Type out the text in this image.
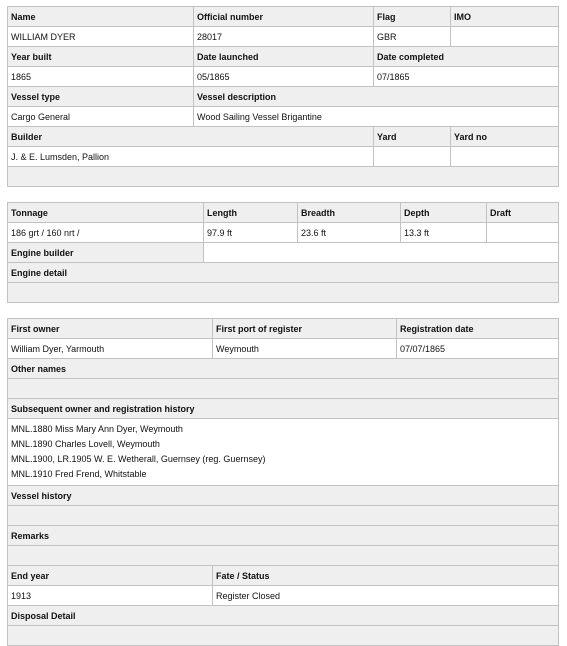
Name	Official number	Flag	IMO
WILLIAM DYER	28017	GBR	
Year built	Date launched	Date completed	
1865	05/1865	07/1865	
Vessel type	Vessel description		
Cargo General	Wood Sailing Vessel Brigantine		
Builder		Yard	Yard no
J. & E. Lumsden, Pallion			

Tonnage	Length	Breadth	Depth	Draft
186 grt / 160 nrt /	97.9 ft	23.6 ft	13.3 ft	
Engine builder				
Engine detail				

First owner	First port of register	Registration date
William Dyer, Yarmouth	Weymouth	07/07/1865
Other names		

Subsequent owner and registration history		

MNL.1880 Miss Mary Ann Dyer, Weymouth
MNL.1890 Charles Lovell, Weymouth
MNL.1900, LR.1905 W. E. Wetherall, Guernsey (reg. Guernsey)
MNL.1910 Fred Frend, Whitstable		

Vessel history		

Remarks		

End year	Fate / Status	
1913	Register Closed	
Disposal Detail		
